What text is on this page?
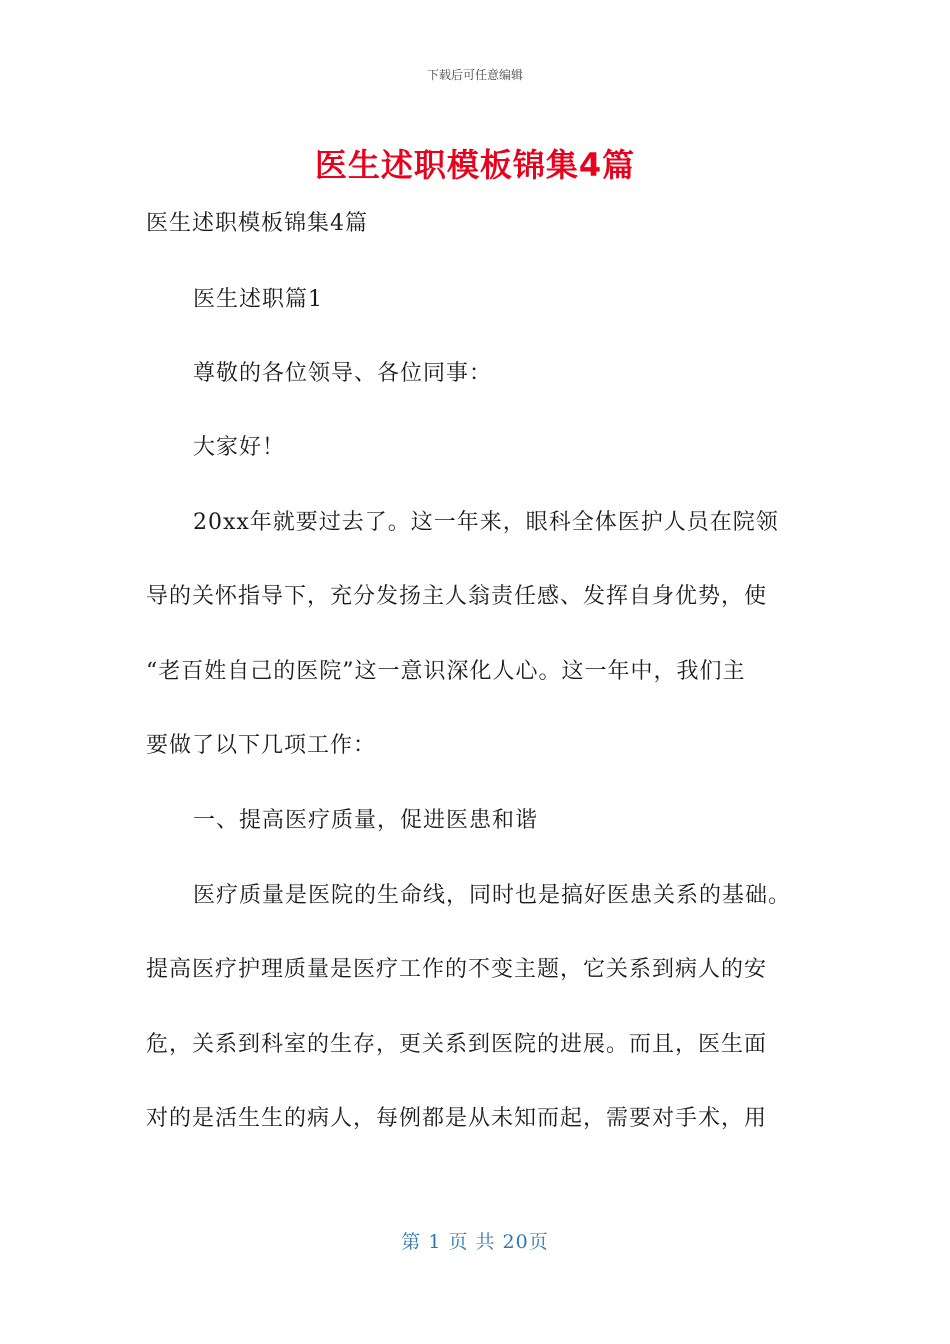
下载后可任意编辑
医生述职模板锦集4篇
医生述职模板锦集4篇
医生述职篇1
尊敬的各位领导、各位同事：
大家好！
20xx年就要过去了。这一年来，眼科全体医护人员在院领
导的关怀指导下，充分发扬主人翁责任感、发挥自身优势，使
“老百姓自己的医院”这一意识深化人心。这一年中，我们主
要做了以下几项工作：
一、提高医疗质量，促进医患和谐
医疗质量是医院的生命线，同时也是搞好医患关系的基础。
提高医疗护理质量是医疗工作的不变主题，它关系到病人的安
危，关系到科室的生存，更关系到医院的进展。而且，医生面
对的是活生生的病人，每例都是从未知而起，需要对手术，用
第 1 页 共 20页
